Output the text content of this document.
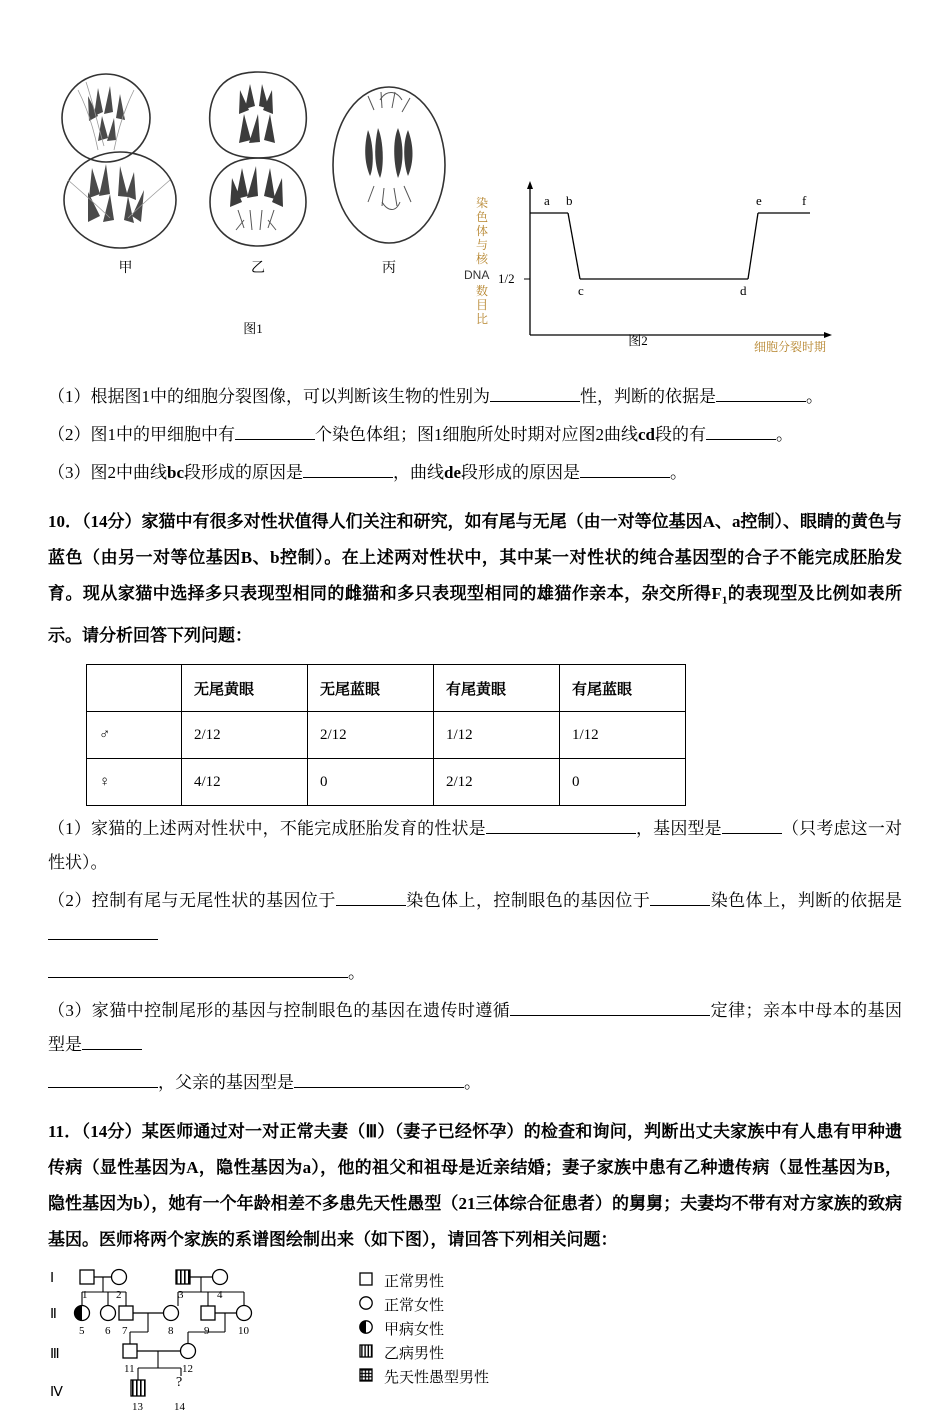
甲	乙	丙
图1
染
色
体
与
核
DNA
数
目
比
1/2
a b
c	d
e	f
细胞分裂时期
图2

（1）根据图1中的细胞分裂图像，可以判断该生物的性别为	性，判断的依据是	。

（2）图1中的甲细胞中有	个染色体组；图1细胞所处时期对应图2曲线cd段的有	。

（3）图2中曲线bc段形成的原因是	，曲线de段形成的原因是	。

10．（14分）家猫中有很多对性状值得人们关注和研究，如有尾与无尾（由一对等位基因A、a控制）、眼睛的黄色与蓝色（由另一对等位基因B、b控制）。在上述两对性状中，其中某一对性状的纯合基因型的合子不能完成胚胎发育。现从家猫中选择多只表现型相同的雌猫和多只表现型相同的雄猫作亲本，杂交所得$F_1$的表现型及比例如表所示。请分析回答下列问题：

	无尾黄眼	无尾蓝眼	有尾黄眼	有尾蓝眼
♂	2/12	2/12	1/12	1/12
♀	4/12	0	2/12	0

（1）家猫的上述两对性状中，不能完成胚胎发育的性状是	，基因型是	（只考虑这一对性状）。

（2）控制有尾与无尾性状的基因位于	染色体上，控制眼色的基因位于	染色体上，判断的依据是

。

（3）家猫中控制尾形的基因与控制眼色的基因在遗传时遵循	定律；亲本中母本的基因型是

，父亲的基因型是	。

11．（14分）某医师通过对一对正常夫妻（Ⅲ）（妻子已经怀孕）的检查和询问，判断出丈夫家族中有人患有甲种遗传病（显性基因为A，隐性基因为a），他的祖父和祖母是近亲结婚；妻子家族中患有乙种遗传病（显性基因为B，隐性基因为b），她有一个年龄相差不多患先天性愚型（21三体综合征患者）的舅舅；夫妻均不带有对方家族的致病基因。医师将两个家族的系谱图绘制出来（如下图），请回答下列相关问题：

Ⅰ
Ⅱ
Ⅲ
Ⅳ
1	2	3	4
5 6 7	8	9	10
11	12
13
?
14
正常男性
正常女性
甲病女性
乙病男性
先天性愚型男性
